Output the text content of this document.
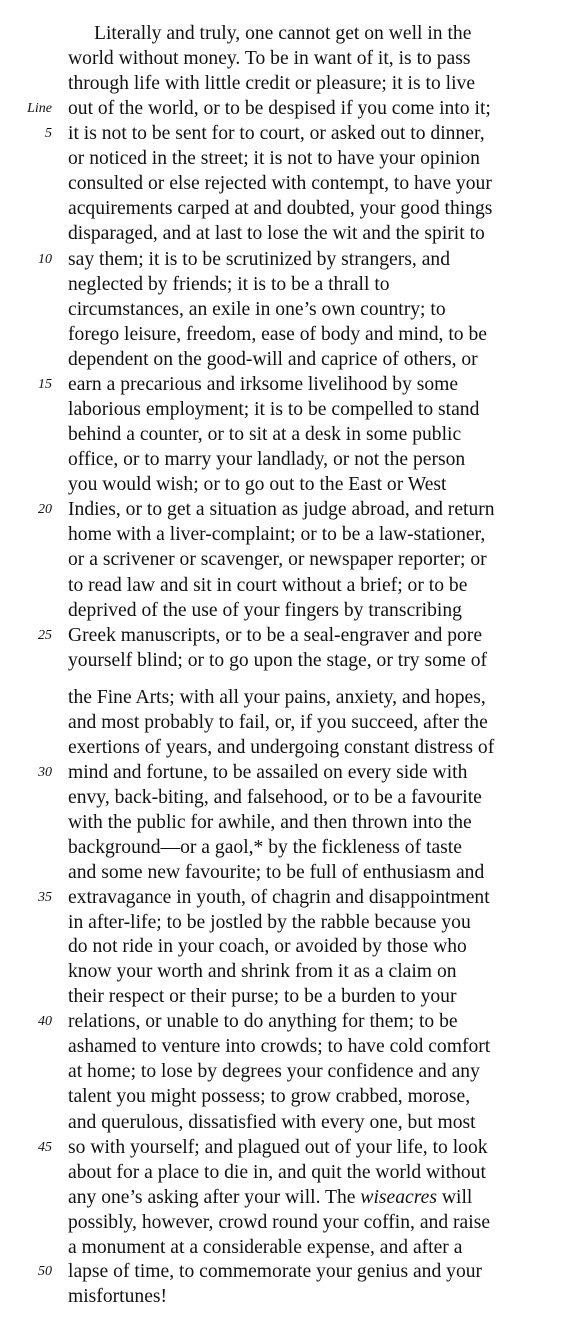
Line
5
10
15
20
25
30
35
40
45
50
Literally and truly, one cannot get on well in the
world without money. To be in want of it, is to pass
through life with little credit or pleasure; it is to live
out of the world, or to be despised if you come into it;
it is not to be sent for to court, or asked out to dinner,
or noticed in the street; it is not to have your opinion
consulted or else rejected with contempt, to have your
acquirements carped at and doubted, your good things
disparaged, and at last to lose the wit and the spirit to
say them; it is to be scrutinized by strangers, and
neglected by friends; it is to be a thrall to
circumstances, an exile in one’s own country; to
forego leisure, freedom, ease of body and mind, to be
dependent on the good-will and caprice of others, or
earn a precarious and irksome livelihood by some
laborious employment; it is to be compelled to stand
behind a counter, or to sit at a desk in some public
office, or to marry your landlady, or not the person
you would wish; or to go out to the East or West
Indies, or to get a situation as judge abroad, and return
home with a liver-complaint; or to be a law-stationer,
or a scrivener or scavenger, or newspaper reporter; or
to read law and sit in court without a brief; or to be
deprived of the use of your fingers by transcribing
Greek manuscripts, or to be a seal-engraver and pore
yourself blind; or to go upon the stage, or try some of
the Fine Arts; with all your pains, anxiety, and hopes,
and most probably to fail, or, if you succeed, after the
exertions of years, and undergoing constant distress of
mind and fortune, to be assailed on every side with
envy, back-biting, and falsehood, or to be a favourite
with the public for awhile, and then thrown into the
background—or a gaol,* by the fickleness of taste
and some new favourite; to be full of enthusiasm and
extravagance in youth, of chagrin and disappointment
in after-life; to be jostled by the rabble because you
do not ride in your coach, or avoided by those who
know your worth and shrink from it as a claim on
their respect or their purse; to be a burden to your
relations, or unable to do anything for them; to be
ashamed to venture into crowds; to have cold comfort
at home; to lose by degrees your confidence and any
talent you might possess; to grow crabbed, morose,
and querulous, dissatisfied with every one, but most
so with yourself; and plagued out of your life, to look
about for a place to die in, and quit the world without
any one’s asking after your will. The wiseacres will
possibly, however, crowd round your coffin, and raise
a monument at a considerable expense, and after a
lapse of time, to commemorate your genius and your
misfortunes!
